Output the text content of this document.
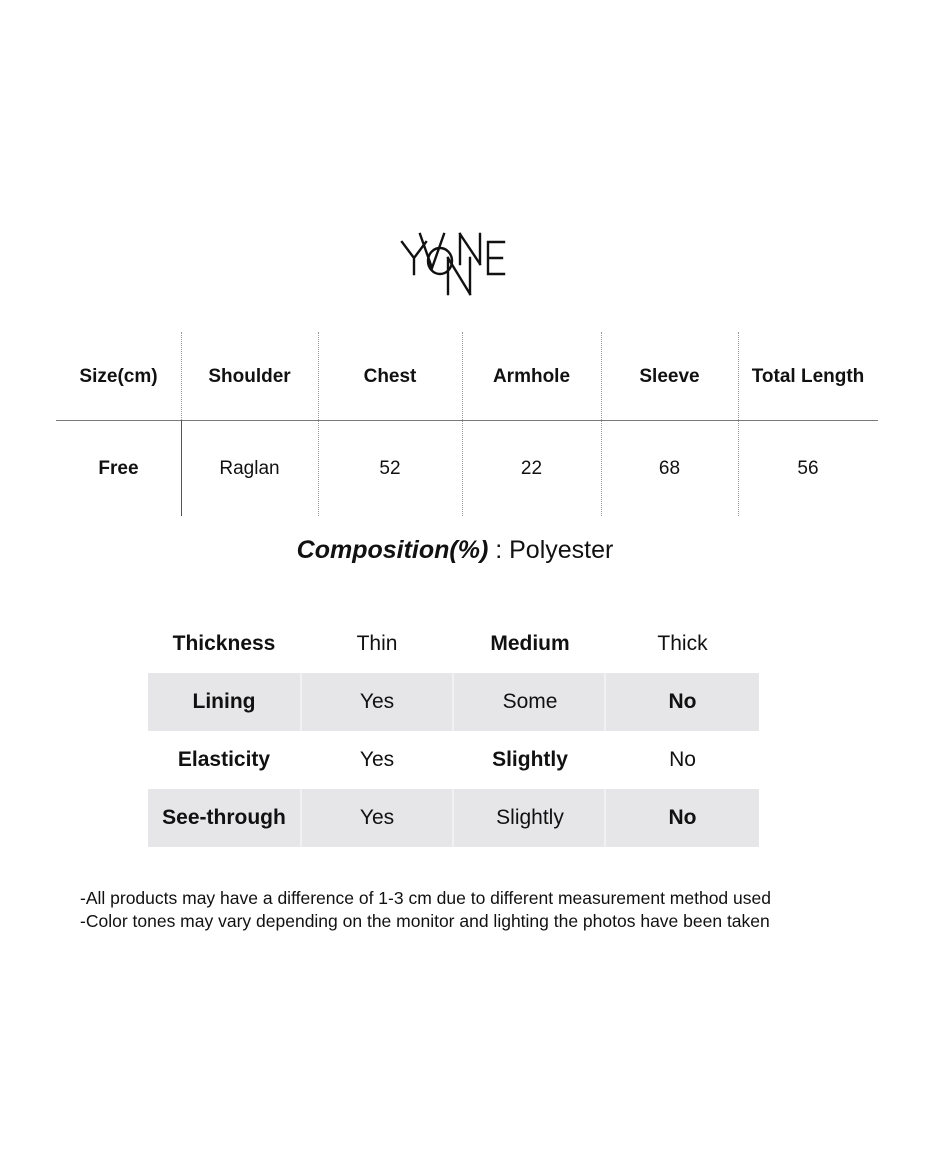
Size(cm)	Shoulder	Chest	Armhole	Sleeve	Total Length
Free	Raglan	52	22	68	56
Composition(%) : Polyester
Thickness	Thin	Medium	Thick
Lining	Yes	Some	No
Elasticity	Yes	Slightly	No
See-through	Yes	Slightly	No
-All products may have a difference of 1-3 cm due to different measurement method used
-Color tones may vary depending on the monitor and lighting the photos have been taken
